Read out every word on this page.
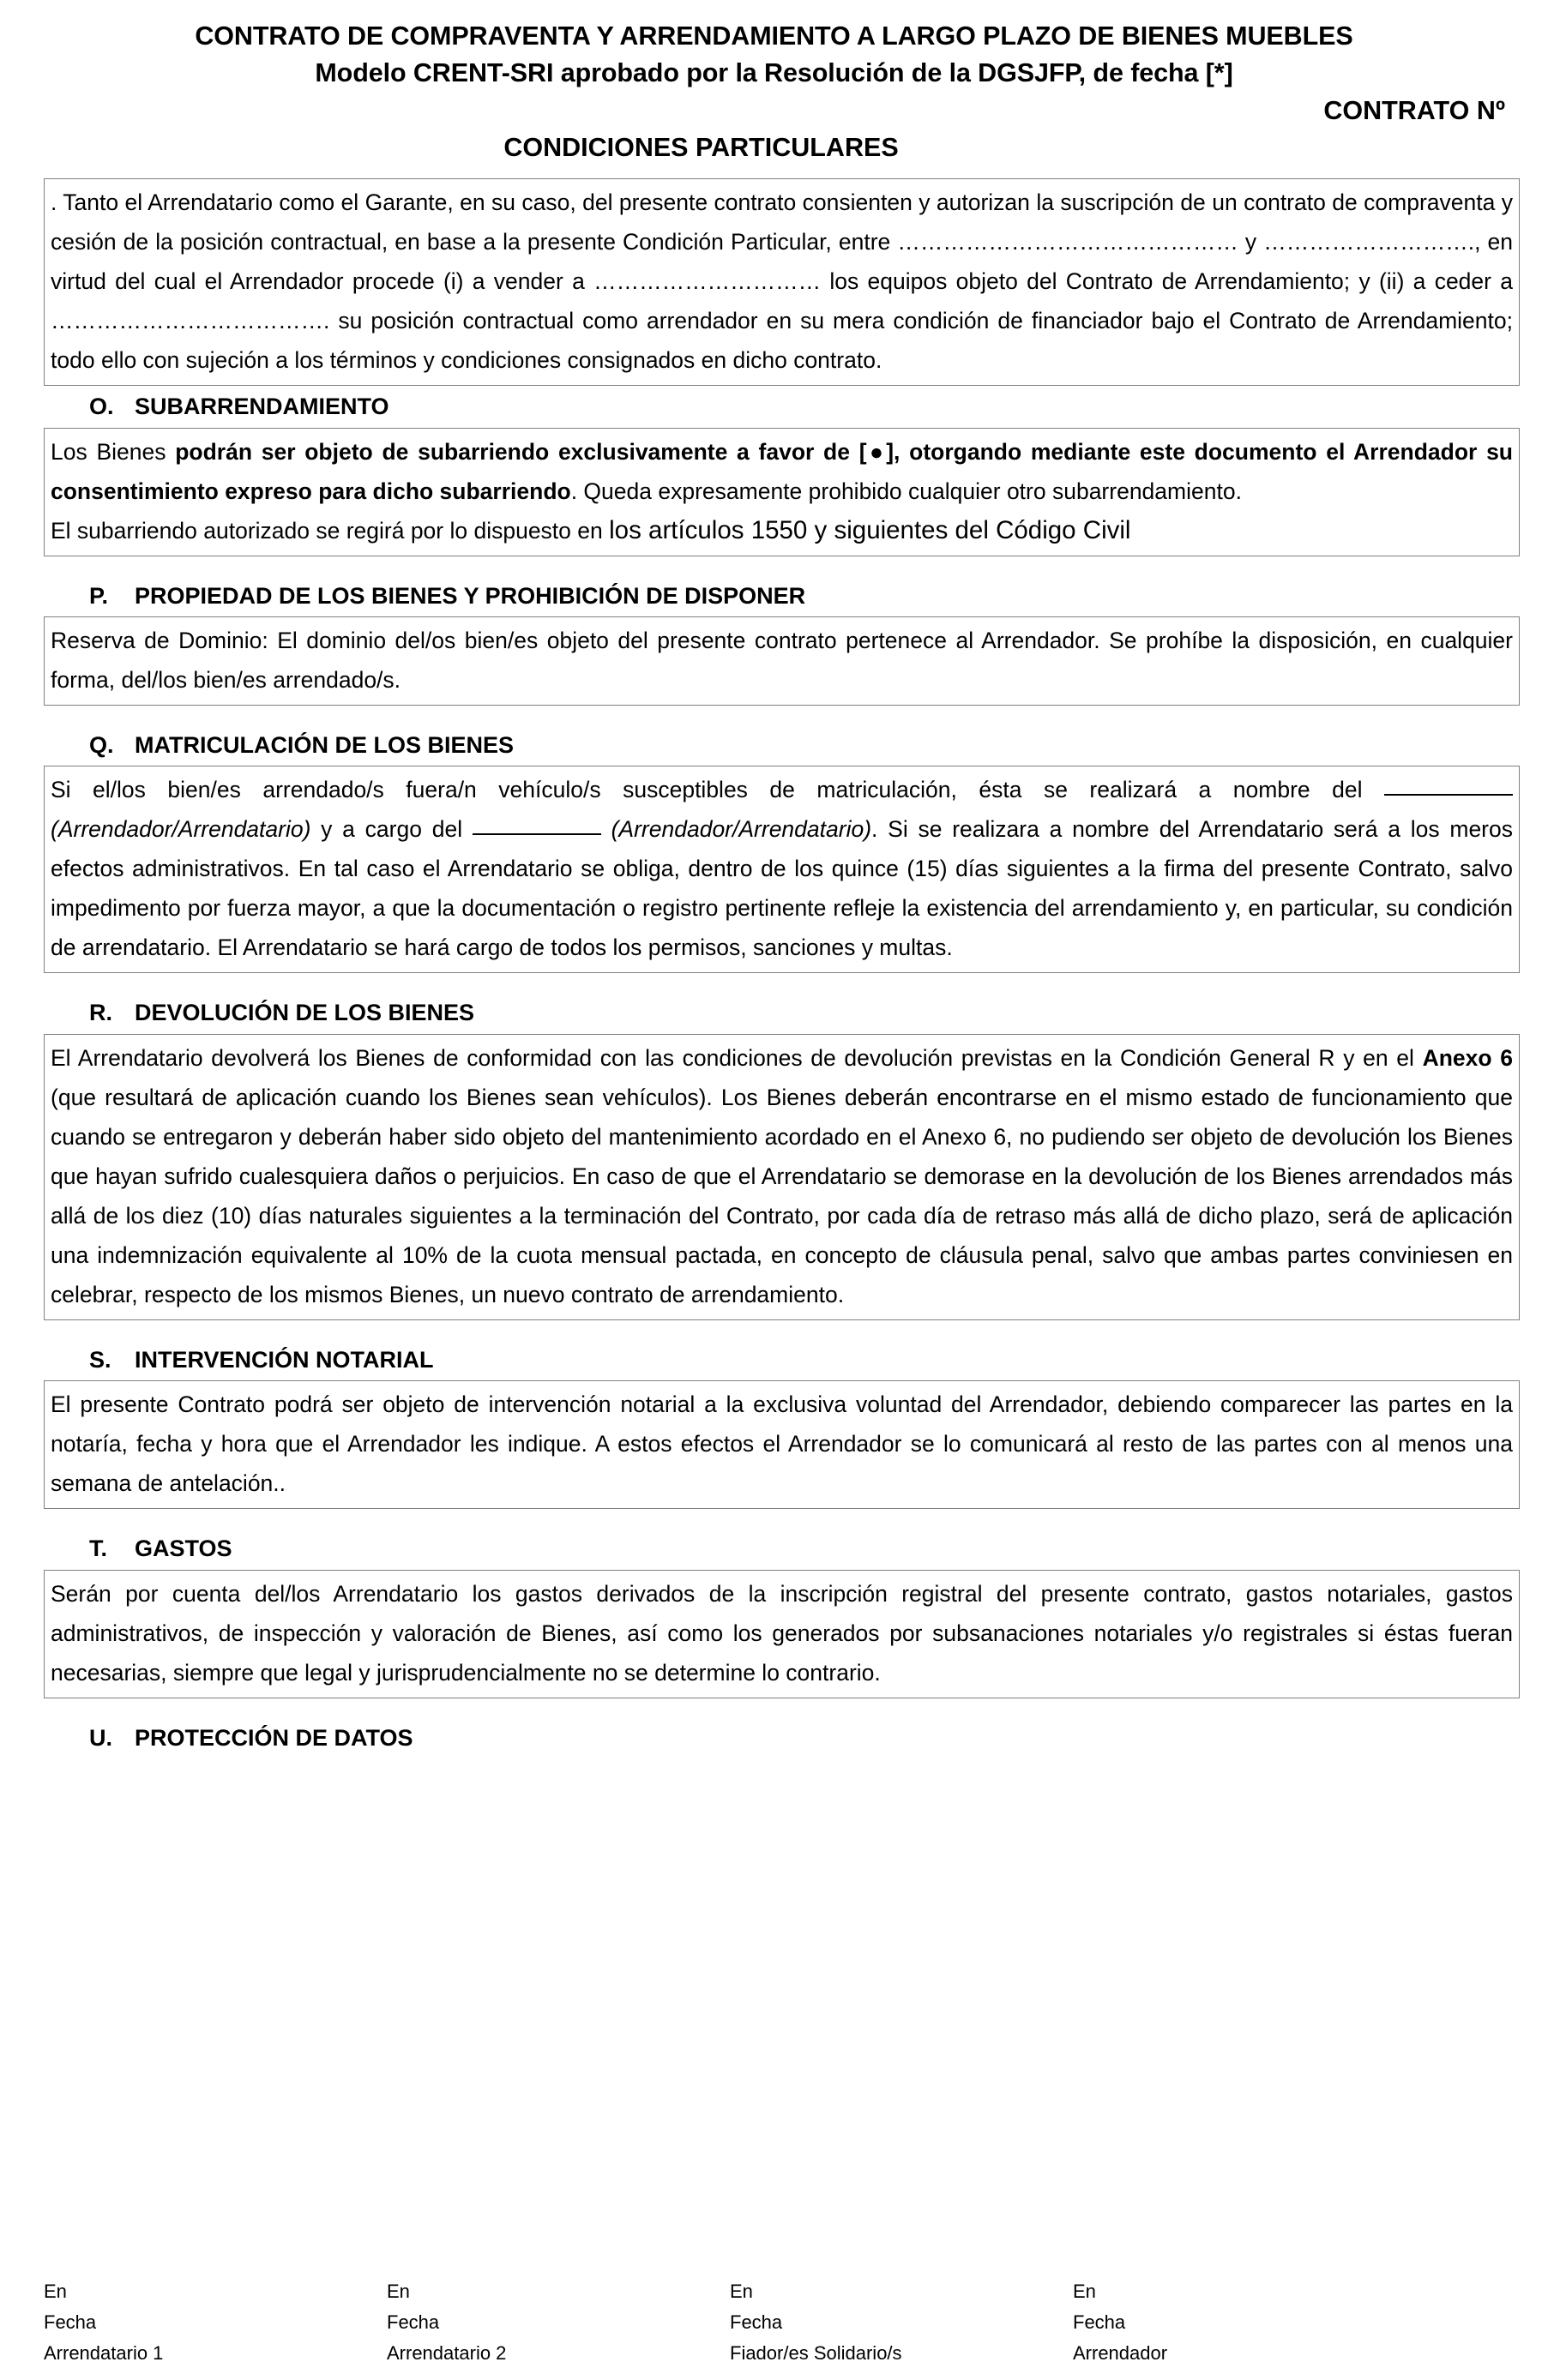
CONTRATO DE COMPRAVENTA Y ARRENDAMIENTO A LARGO PLAZO DE BIENES MUEBLES
Modelo CRENT-SRI aprobado por la Resolución de la DGSJFP, de fecha [*]
CONTRATO Nº
CONDICIONES PARTICULARES

. Tanto el Arrendatario como el Garante, en su caso, del presente contrato consienten y autorizan la suscripción de un contrato de compraventa y cesión de la posición contractual, en base a la presente Condición Particular, entre ……………………………………… y ………………………., en virtud del cual el Arrendador procede (i) a vender a ………………………… los equipos objeto del Contrato de Arrendamiento; y (ii) a ceder a ………………………………. su posición contractual como arrendador en su mera condición de financiador bajo el Contrato de Arrendamiento; todo ello con sujeción a los términos y condiciones consignados en dicho contrato.

O. SUBARRENDAMIENTO

Los Bienes podrán ser objeto de subarriendo exclusivamente a favor de [●], otorgando mediante este documento el Arrendador su consentimiento expreso para dicho subarriendo. Queda expresamente prohibido cualquier otro subarrendamiento.

El subarriendo autorizado se regirá por lo dispuesto en los artículos 1550 y siguientes del Código Civil

P.	PROPIEDAD DE LOS BIENES Y PROHIBICIÓN DE DISPONER

Reserva de Dominio: El dominio del/os bien/es objeto del presente contrato pertenece al Arrendador. Se prohíbe la disposición, en cualquier forma, del/los bien/es arrendado/s.

Q. MATRICULACIÓN DE LOS BIENES

Si el/los bien/es arrendado/s fuera/n vehículo/s susceptibles de matriculación, ésta se realizará a nombre del  (Arrendador/Arrendatario) y a cargo del	(Arrendador/Arrendatario). Si se realizara a nombre del Arrendatario será a los meros efectos administrativos. En tal caso el Arrendatario se obliga, dentro de los quince (15) días siguientes a la firma del presente Contrato, salvo impedimento por fuerza mayor, a que la documentación o registro pertinente refleje la existencia del arrendamiento y, en particular, su condición de arrendatario. El Arrendatario se hará cargo de todos los permisos, sanciones y multas.

R. DEVOLUCIÓN DE LOS BIENES

El Arrendatario devolverá los Bienes de conformidad con las condiciones de devolución previstas en la Condición General R y en el Anexo 6 (que resultará de aplicación cuando los Bienes sean vehículos). Los Bienes deberán encontrarse en el mismo estado de funcionamiento que cuando se entregaron y deberán haber sido objeto del mantenimiento acordado en el Anexo 6, no pudiendo ser objeto de devolución los Bienes que hayan sufrido cualesquiera daños o perjuicios. En caso de que el Arrendatario se demorase en la devolución de los Bienes arrendados más allá de los diez (10) días naturales siguientes a la terminación del Contrato, por cada día de retraso más allá de dicho plazo, será de aplicación una indemnización equivalente al 10% de la cuota mensual pactada, en concepto de cláusula penal, salvo que ambas partes conviniesen en celebrar, respecto de los mismos Bienes, un nuevo contrato de arrendamiento.

S.	INTERVENCIÓN NOTARIAL

El presente Contrato podrá ser objeto de intervención notarial a la exclusiva voluntad del Arrendador, debiendo comparecer las partes en la notaría, fecha y hora que el Arrendador les indique. A estos efectos el Arrendador se lo comunicará al resto de las partes con al menos una semana de antelación..

T.	GASTOS

Serán por cuenta del/los Arrendatario los gastos derivados de la inscripción registral del presente contrato, gastos notariales, gastos administrativos, de inspección y valoración de Bienes, así como los generados por subsanaciones notariales y/o registrales si éstas fueran necesarias, siempre que legal y jurisprudencialmente no se determine lo contrario.

U. PROTECCIÓN DE DATOS
En
Fecha
Arrendatario 1
En
Fecha
Arrendatario 2
En
Fecha
Fiador/es Solidario/s
En
Fecha
Arrendador
